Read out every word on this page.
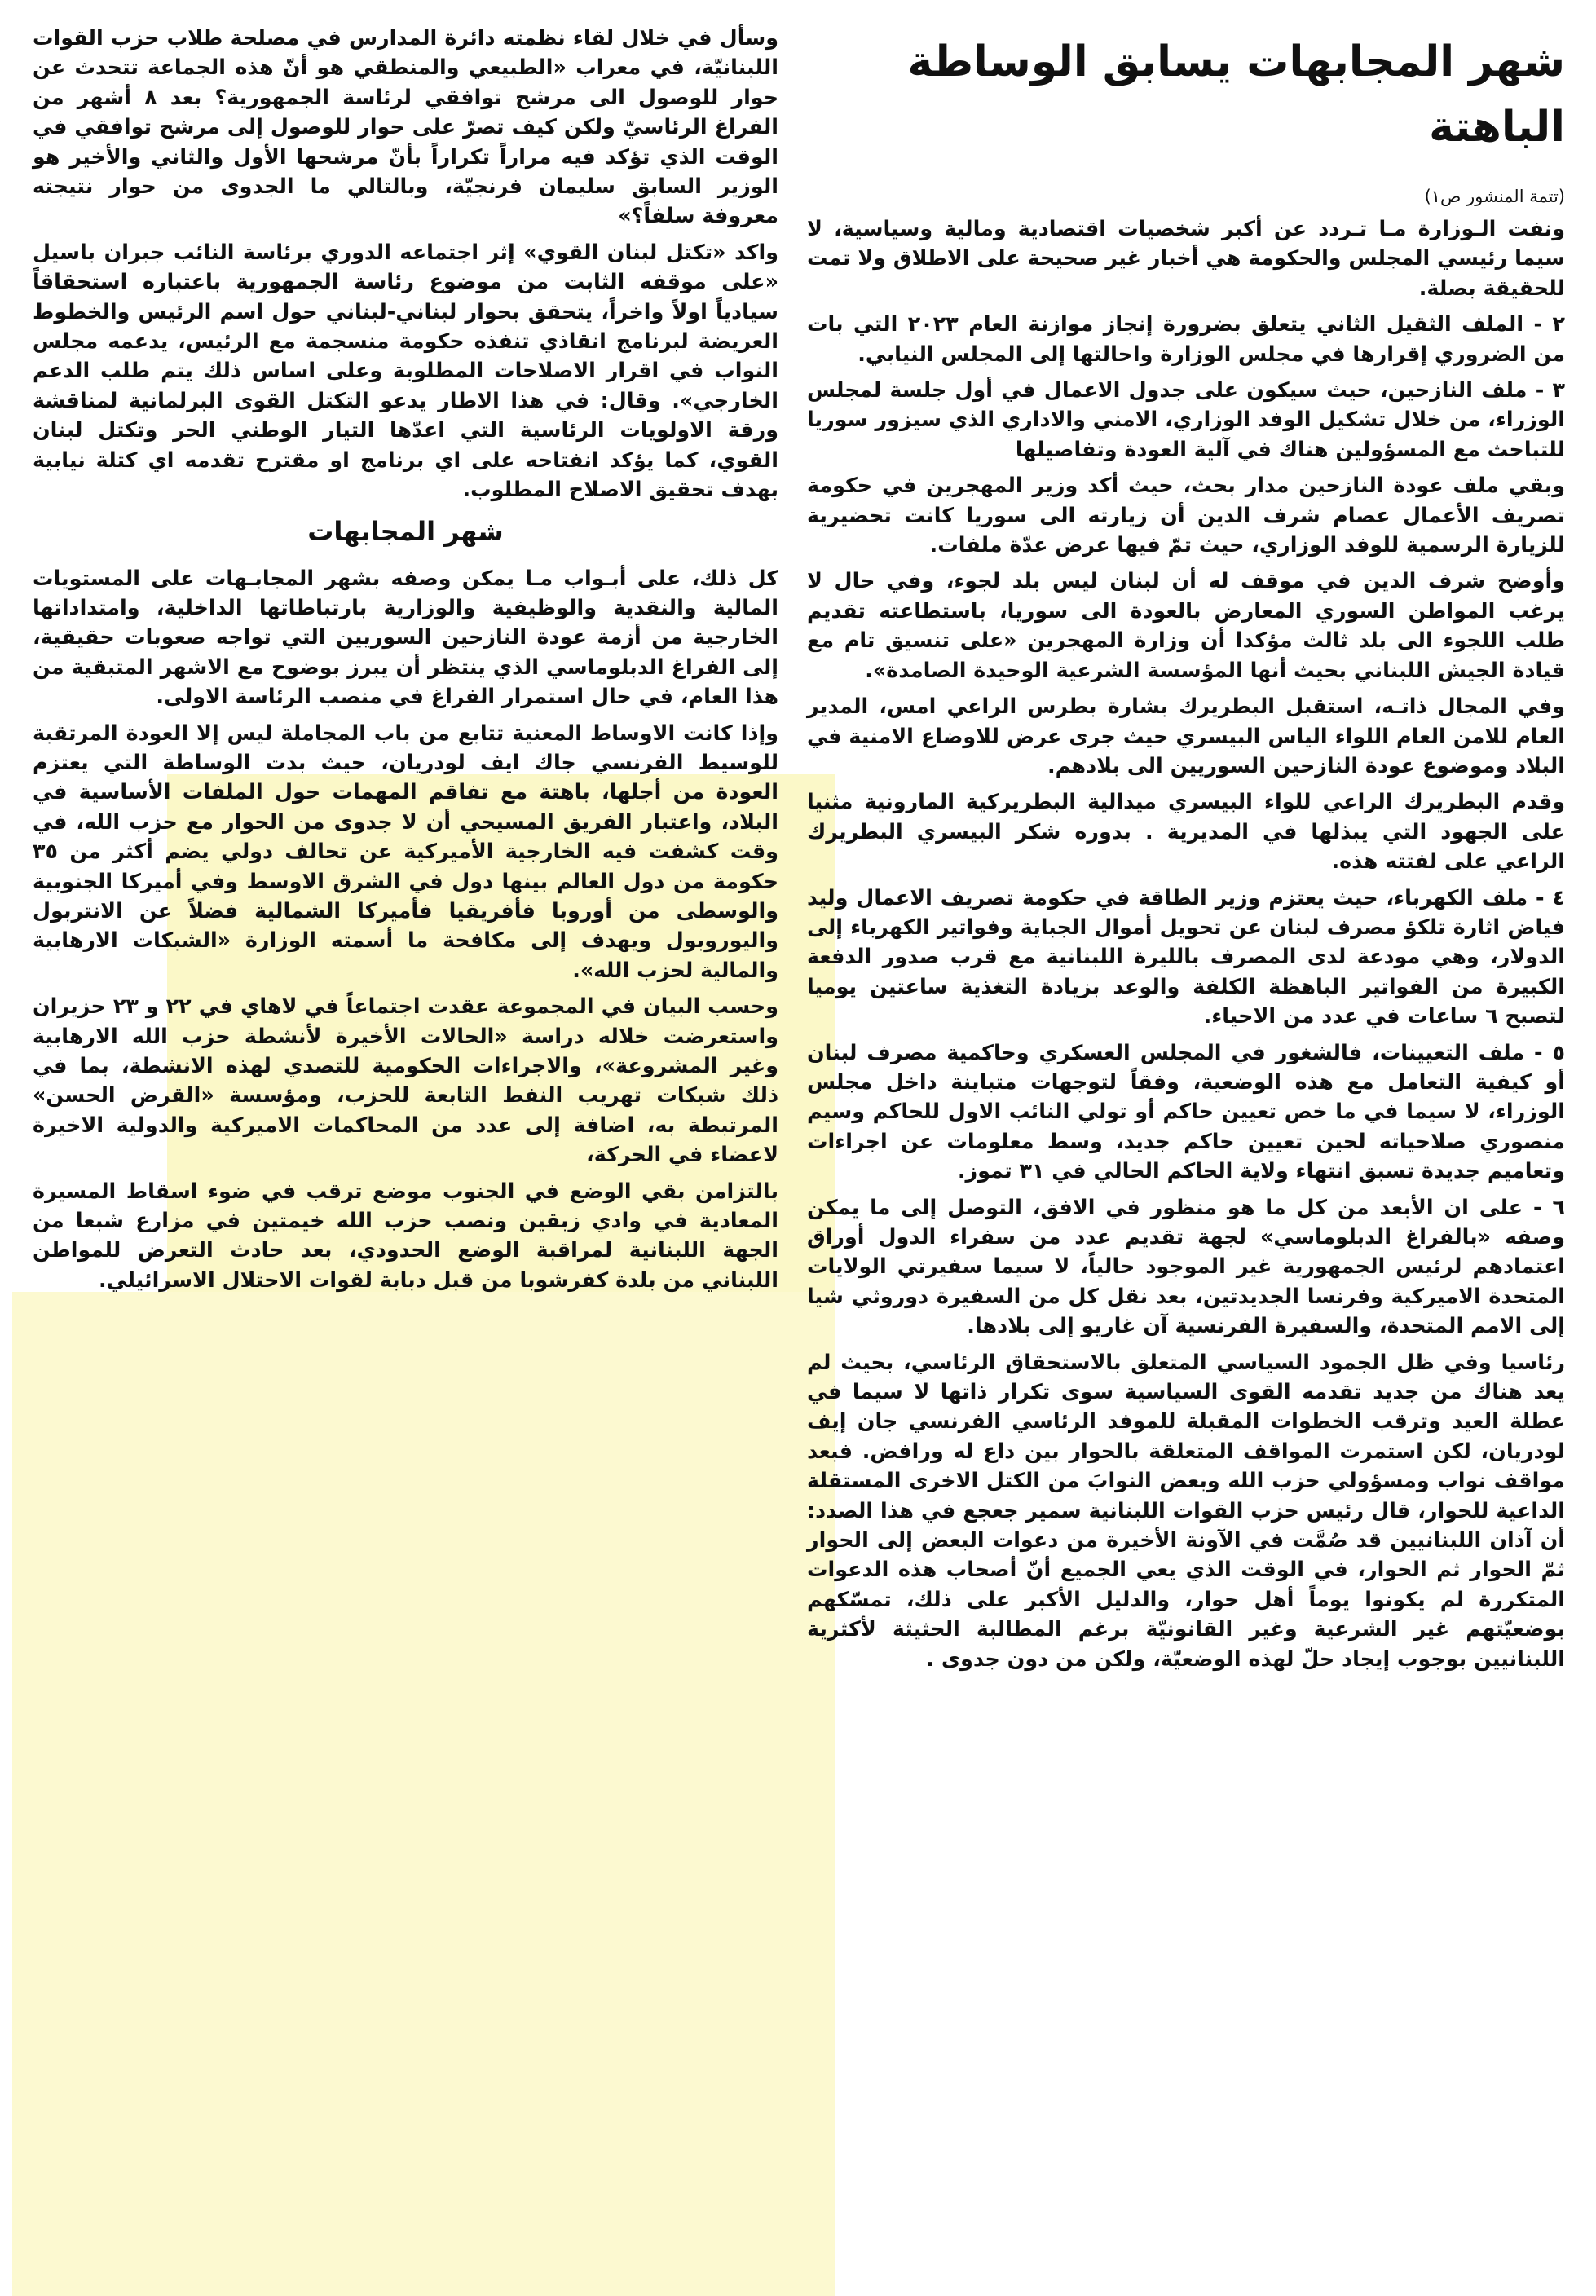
شهر المجابهات يسابق الوساطة الباهتة

(تتمة المنشور ص١)

ونفت الـوزارة مـا تـردد عن أكبر شخصيات اقتصادية ومالية وسياسية، لا سيما رئيسي المجلس والحكومة هي أخبار غير صحيحة على الاطلاق ولا تمت للحقيقة بصلة.

٢ - الملف الثقيل الثاني يتعلق بضرورة إنجاز موازنة العام ٢٠٢٣ التي بات من الضروري إقرارها في مجلس الوزارة واحالتها إلى المجلس النيابي.

٣ - ملف النازحين، حيث سيكون على جدول الاعمال في أول جلسة لمجلس الوزراء، من خلال تشكيل الوفد الوزاري، الامني والاداري الذي سيزور سوريا للتباحث مع المسؤولين هناك في آلية العودة وتفاصيلها

وبقي ملف عودة النازحين مدار بحث، حيث أكد وزير المهجرين في حكومة تصريف الأعمال عصام شرف الدين أن زيارته الى سوريا كانت تحضيرية للزيارة الرسمية للوفد الوزاري، حيث تمّ فيها عرض عدّة ملفات.

وأوضح شرف الدين في موقف له أن لبنان ليس بلد لجوء، وفي حال لا يرغب المواطن السوري المعارض بالعودة الى سوريا، باستطاعته تقديم طلب اللجوء الى بلد ثالث مؤكدا أن وزارة المهجرين «على تنسيق تام مع قيادة الجيش اللبناني بحيث أنها المؤسسة الشرعية الوحيدة الصامدة».

وفي المجال ذاتـه، استقبل البطريرك بشارة بطرس الراعي امس، المدير العام للامن العام اللواء الياس البيسري حيث جرى عرض للاوضاع الامنية في البلاد وموضوع عودة النازحين السوريين الى بلادهم.

وقدم البطريرك الراعي للواء البيسري ميدالية البطريركية المارونية مثنيا على الجهود التي يبذلها في المديرية . بدوره شكر البيسري البطريرك الراعي على لفتته هذه.

٤ - ملف الكهرباء، حيث يعتزم وزير الطاقة في حكومة تصريف الاعمال وليد فياض اثارة تلكؤ مصرف لبنان عن تحويل أموال الجباية وفواتير الكهرباء إلى الدولار، وهي مودعة لدى المصرف بالليرة اللبنانية مع قرب صدور الدفعة الكبيرة من الفواتير الباهظة الكلفة والوعد بزيادة التغذية ساعتين يوميا لتصبح ٦ ساعات في عدد من الاحياء.

٥ - ملف التعيينات، فالشغور في المجلس العسكري وحاكمية مصرف لبنان أو كيفية التعامل مع هذه الوضعية، وفقاً لتوجهات متباينة داخل مجلس الوزراء، لا سيما في ما خص تعيين حاكم أو تولي النائب الاول للحاكم وسيم منصوري صلاحياته لحين تعيين حاكم جديد، وسط معلومات عن اجراءات وتعاميم جديدة تسبق انتهاء ولاية الحاكم الحالي في ٣١ تموز.

٦ - على ان الأبعد من كل ما هو منظور في الافق، التوصل إلى ما يمكن وصفه «بالفراغ الدبلوماسي» لجهة تقديم عدد من سفراء الدول أوراق اعتمادهم لرئيس الجمهورية غير الموجود حالياً، لا سيما سفيرتي الولايات المتحدة الاميركية وفرنسا الجديدتين، بعد نقل كل من السفيرة دوروثي شيا إلى الامم المتحدة، والسفيرة الفرنسية آن غاريو إلى بلادها.

رئاسيا وفي ظل الجمود السياسي المتعلق بالاستحقاق الرئاسي، بحيث لم يعد هناك من جديد تقدمه القوى السياسية سوى تكرار ذاتها لا سيما في عطلة العيد وترقب الخطوات المقبلة للموفد الرئاسي الفرنسي جان إيف لودريان، لكن استمرت المواقف المتعلقة بالحوار بين داع له ورافض. فبعد مواقف نواب ومسؤولي حزب الله وبعض النوابَ من الكتل الاخرى المستقلة الداعية للحوار، قال رئيس حزب القوات اللبنانية سمير جعجع في هذا الصدد: أن آذان اللبنانيين قد صُمَّت في الآونة الأخيرة من دعوات البعض إلى الحوار ثمّ الحوار ثم الحوار، في الوقت الذي يعي الجميع أنّ أصحاب هذه الدعوات المتكررة لم يكونوا يوماً أهل حوار، والدليل الأكبر على ذلك، تمسّكهم بوضعيّتهم غير الشرعية وغير القانونيّة برغم المطالبة الحثيثة لأكثرية اللبنانيين بوجوب إيجاد حلّ لهذه الوضعيّة، ولكن من دون جدوى .

وسأل في خلال لقاء نظمته دائرة المدارس في مصلحة طلاب حزب القوات اللبنانيّة، في معراب «الطبيعي والمنطقي هو أنّ هذه الجماعة تتحدث عن حوار للوصول الى مرشح توافقي لرئاسة الجمهورية؟ بعد ٨ أشهر من الفراغ الرئاسيّ ولكن كيف تصرّ على حوار للوصول إلى مرشح توافقي في الوقت الذي تؤكد فيه مراراً تكراراً بأنّ مرشحها الأول والثاني والأخير هو الوزير السابق سليمان فرنجيّة، وبالتالي ما الجدوى من حوار نتيجته معروفة سلفاً؟»

واكد «تكتل لبنان القوي» إثر اجتماعه الدوري برئاسة النائب جبران باسيل «على موقفه الثابت من موضوع رئاسة الجمهورية باعتباره استحقاقاً سيادياً اولاً واخراً، يتحقق بحوار لبناني-لبناني حول اسم الرئيس والخطوط العريضة لبرنامج انقاذي تنفذه حكومة منسجمة مع الرئيس، يدعمه مجلس النواب في اقرار الاصلاحات المطلوبة وعلى اساس ذلك يتم طلب الدعم الخارجي». وقال: في هذا الاطار يدعو التكتل القوى البرلمانية لمناقشة ورقة الاولويات الرئاسية التي اعدّها التيار الوطني الحر وتكتل لبنان القوي، كما يؤكد انفتاحه على اي برنامج او مقترح تقدمه اي كتلة نيابية بهدف تحقيق الاصلاح المطلوب.

شهر المجابهات

كل ذلك، على أبـواب مـا يمكن وصفه بشهر المجابـهات على المستويات المالية والنقدية والوظيفية والوزارية بارتباطاتها الداخلية، وامتداداتها الخارجية من أزمة عودة النازحين السوريين التي تواجه صعوبات حقيقية، إلى الفراغ الدبلوماسي الذي ينتظر أن يبرز بوضوح مع الاشهر المتبقية من هذا العام، في حال استمرار الفراغ في منصب الرئاسة الاولى.

وإذا كانت الاوساط المعنية تتابع من باب المجاملة ليس إلا العودة المرتقبة للوسيط الفرنسي جاك ايف لودريان، حيث بدت الوساطة التي يعتزم العودة من أجلها، باهتة مع تفاقم المهمات حول الملفات الأساسية في البلاد، واعتبار الفريق المسيحي أن لا جدوى من الحوار مع حزب الله، في وقت كشفت فيه الخارجية الأميركية عن تحالف دولي يضم أكثر من ٣٥ حكومة من دول العالم بينها دول في الشرق الاوسط وفي أميركا الجنوبية والوسطى من أوروبا فأفريقيا فأميركا الشمالية فضلاً عن الانتربول واليوروبول ويهدف إلى مكافحة ما أسمته الوزارة «الشبكات الارهابية والمالية لحزب الله».

وحسب البيان في المجموعة عقدت اجتماعاً في لاهاي في ٢٢ و ٢٣ حزيران واستعرضت خلاله دراسة «الحالات الأخيرة لأنشطة حزب الله الارهابية وغير المشروعة»، والاجراءات الحكومية للتصدي لهذه الانشطة، بما في ذلك شبكات تهريب النفط التابعة للحزب، ومؤسسة «القرض الحسن» المرتبطة به، اضافة إلى عدد من المحاكمات الاميركية والدولية الاخيرة لاعضاء في الحركة،

بالتزامن بقي الوضع في الجنوب موضع ترقب في ضوء اسقاط المسيرة المعادية في وادي زبقين ونصب حزب الله خيمتين في مزارع شبعا من الجهة اللبنانية لمراقبة الوضع الحدودي، بعد حادث التعرض للمواطن اللبناني من بلدة كفرشوبا من قبل دبابة لقوات الاحتلال الاسرائيلي.
